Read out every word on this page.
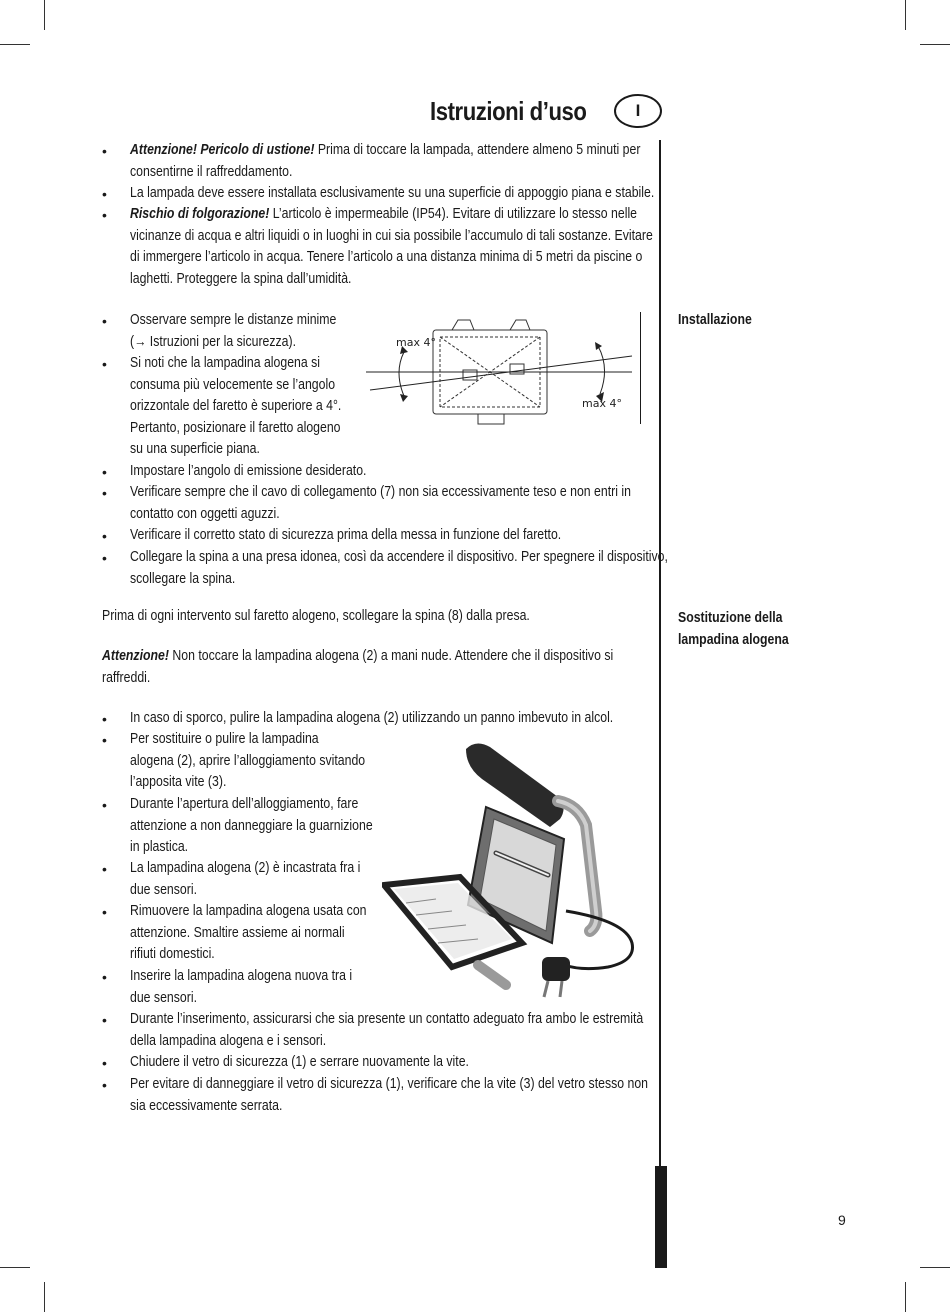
Istruzioni d’uso	I
• Attenzione! Pericolo di ustione! Prima di toccare la lampada, attendere almeno 5 minuti per
consentirne il raffreddamento.
• La lampada deve essere installata esclusivamente su una superficie di appoggio piana e stabile.
• Rischio di folgorazione! L’articolo è impermeabile (IP54). Evitare di utilizzare lo stesso nelle
vicinanze di acqua e altri liquidi o in luoghi in cui sia possibile l’accumulo di tali sostanze. Evitare
di immergere l’articolo in acqua. Tenere l’articolo a una distanza minima di 5 metri da piscine o
laghetti. Proteggere la spina dall’umidità.
Installazione
• Osservare sempre le distanze minime
(→ Istruzioni per la sicurezza).
• Si noti che la lampadina alogena si
consuma più velocemente se l’angolo
orizzontale del faretto è superiore a 4°.
Pertanto, posizionare il faretto alogeno
su una superficie piana.
• Impostare l’angolo di emissione desiderato.
• Verificare sempre che il cavo di collegamento (7) non sia eccessivamente teso e non entri in
contatto con oggetti aguzzi.
• Verificare il corretto stato di sicurezza prima della messa in funzione del faretto.
• Collegare la spina a una presa idonea, così da accendere il dispositivo. Per spegnere il dispositivo,
scollegare la spina.
max 4°
max 4°
Sostituzione della
lampadina alogena
Prima di ogni intervento sul faretto alogeno, scollegare la spina (8) dalla presa.
Attenzione! Non toccare la lampadina alogena (2) a mani nude. Attendere che il dispositivo si
raffreddi.
• In caso di sporco, pulire la lampadina alogena (2) utilizzando un panno imbevuto in alcol.
• Per sostituire o pulire la lampadina
alogena (2), aprire l’alloggiamento svitando
l’apposita vite (3).
• Durante l’apertura dell’alloggiamento, fare
attenzione a non danneggiare la guarnizione
in plastica.
• La lampadina alogena (2) è incastrata fra i
due sensori.
• Rimuovere la lampadina alogena usata con
attenzione. Smaltire assieme ai normali
rifiuti domestici.
• Inserire la lampadina alogena nuova tra i
due sensori.
• Durante l’inserimento, assicurarsi che sia presente un contatto adeguato fra ambo le estremità
della lampadina alogena e i sensori.
• Chiudere il vetro di sicurezza (1) e serrare nuovamente la vite.
• Per evitare di danneggiare il vetro di sicurezza (1), verificare che la vite (3) del vetro stesso non
sia eccessivamente serrata.
9
